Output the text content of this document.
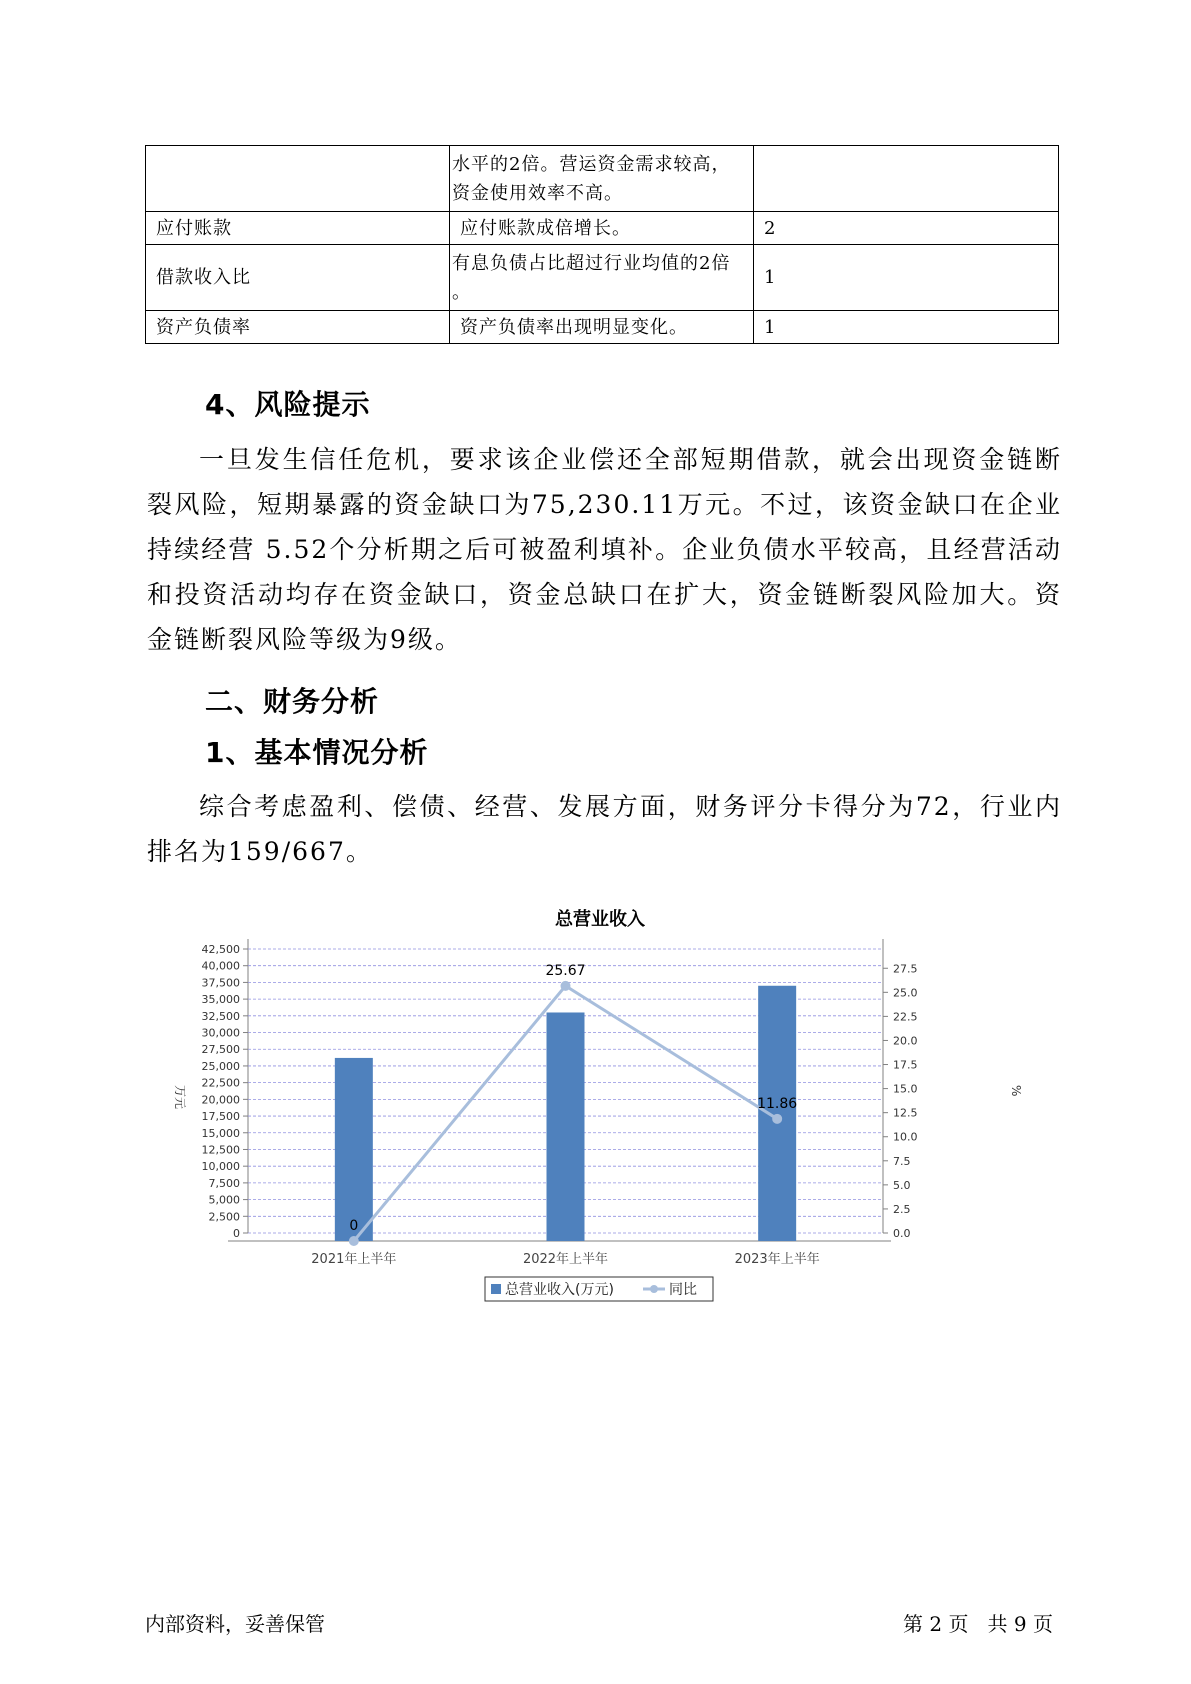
	水平的2倍。营运资金需求较高，
资金使用效率不高。	
应付账款	应付账款成倍增长。	2
借款收入比	有息负债占比超过行业均值的2倍
。	1
资产负债率	资产负债率出现明显变化。	1
4、风险提示

一旦发生信任危机，要求该企业偿还全部短期借款，就会出现资金链断裂风险，短期暴露的资金缺口为75,230.11万元。不过，该资金缺口在企业持续经营 5.52个分析期之后可被盈利填补。企业负债水平较高，且经营活动和投资活动均存在资金缺口，资金总缺口在扩大，资金链断裂风险加大。资金链断裂风险等级为9级。

二、财务分析
1、基本情况分析

综合考虑盈利、偿债、经营、发展方面，财务评分卡得分为72，行业内排名为159/667。

总营业收入
0
2,500
5,000
7,500
10,000
12,500
15,000
17,500
20,000
22,500
25,000
27,500
30,000
32,500
35,000
37,500
40,000
42,500
0.0
2.5
5.0
7.5
10.0
12.5
15.0
17.5
20.0
22.5
25.0
27.5
万元	%
2021年上半年	2022年上半年	2023年上半年
0
25.67
11.86
总营业收入(万元)	同比
内部资料，妥善保管	第 2 页   共 9 页
